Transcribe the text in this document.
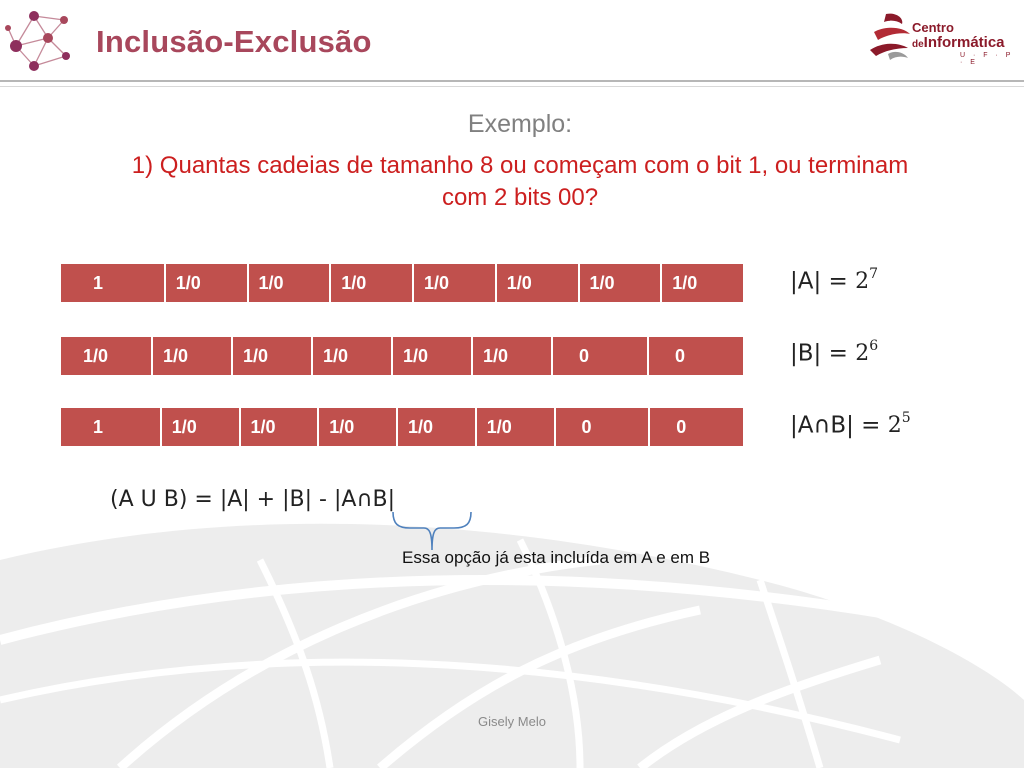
Inclusão-Exclusão	Centro
deInformática
U · F · P · E
Exemplo:
1) Quantas cadeias de tamanho 8 ou começam com o bit 1, ou terminam com 2 bits 00?
1	1/0	1/0	1/0	1/0	1/0	1/0	1/0
1/0	1/0	1/0	1/0	1/0	1/0	0	0
1	1/0	1/0	1/0	1/0	1/0	0	0
$|A| = 2^7$
$|B| = 2^6$
|A∩B| = $2^5$
(A U B) = |A| + |B| - |A∩B|
Essa opção já esta incluída em A e em B
Gisely Melo
